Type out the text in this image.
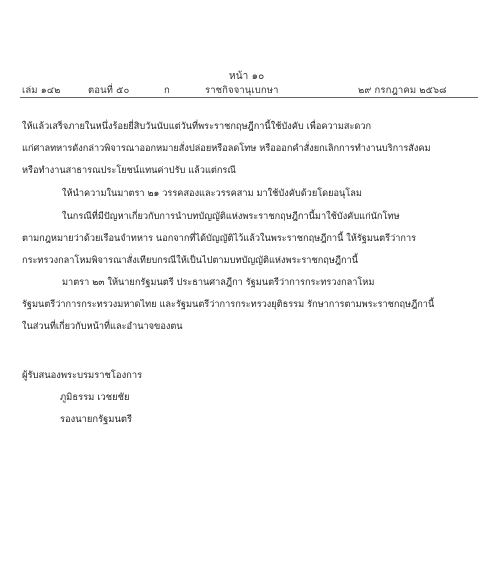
หน้า ๑๐
เล่ม ๑๔๒	ตอนที่ ๕๐	ก	ราชกิจจานุเบกษา	๒๙ กรกฎาคม ๒๕๖๘
ให้แล้วเสร็จภายในหนึ่งร้อยยี่สิบวันนับแต่วันที่พระราชกฤษฎีกานี้ใช้บังคับ เพื่อความสะดวก
แก่ศาลทหารดังกล่าวพิจารณาออกหมายสั่งปล่อยหรือลดโทษ หรือออกคำสั่งยกเลิกการทำงานบริการสังคม
หรือทำงานสาธารณประโยชน์แทนค่าปรับ แล้วแต่กรณี
ให้นำความในมาตรา ๒๑ วรรคสองและวรรคสาม มาใช้บังคับด้วยโดยอนุโลม
ในกรณีที่มีปัญหาเกี่ยวกับการนำบทบัญญัติแห่งพระราชกฤษฎีกานี้มาใช้บังคับแก่นักโทษ
ตามกฎหมายว่าด้วยเรือนจำทหาร นอกจากที่ได้บัญญัติไว้แล้วในพระราชกฤษฎีกานี้ ให้รัฐมนตรีว่าการ
กระทรวงกลาโหมพิจารณาสั่งเทียบกรณีให้เป็นไปตามบทบัญญัติแห่งพระราชกฤษฎีกานี้
มาตรา ๒๓ ให้นายกรัฐมนตรี ประธานศาลฎีกา รัฐมนตรีว่าการกระทรวงกลาโหม
รัฐมนตรีว่าการกระทรวงมหาดไทย และรัฐมนตรีว่าการกระทรวงยุติธรรม รักษาการตามพระราชกฤษฎีกานี้
ในส่วนที่เกี่ยวกับหน้าที่และอำนาจของตน
ผู้รับสนองพระบรมราชโองการ
ภูมิธรรม เวชยชัย
รองนายกรัฐมนตรี
